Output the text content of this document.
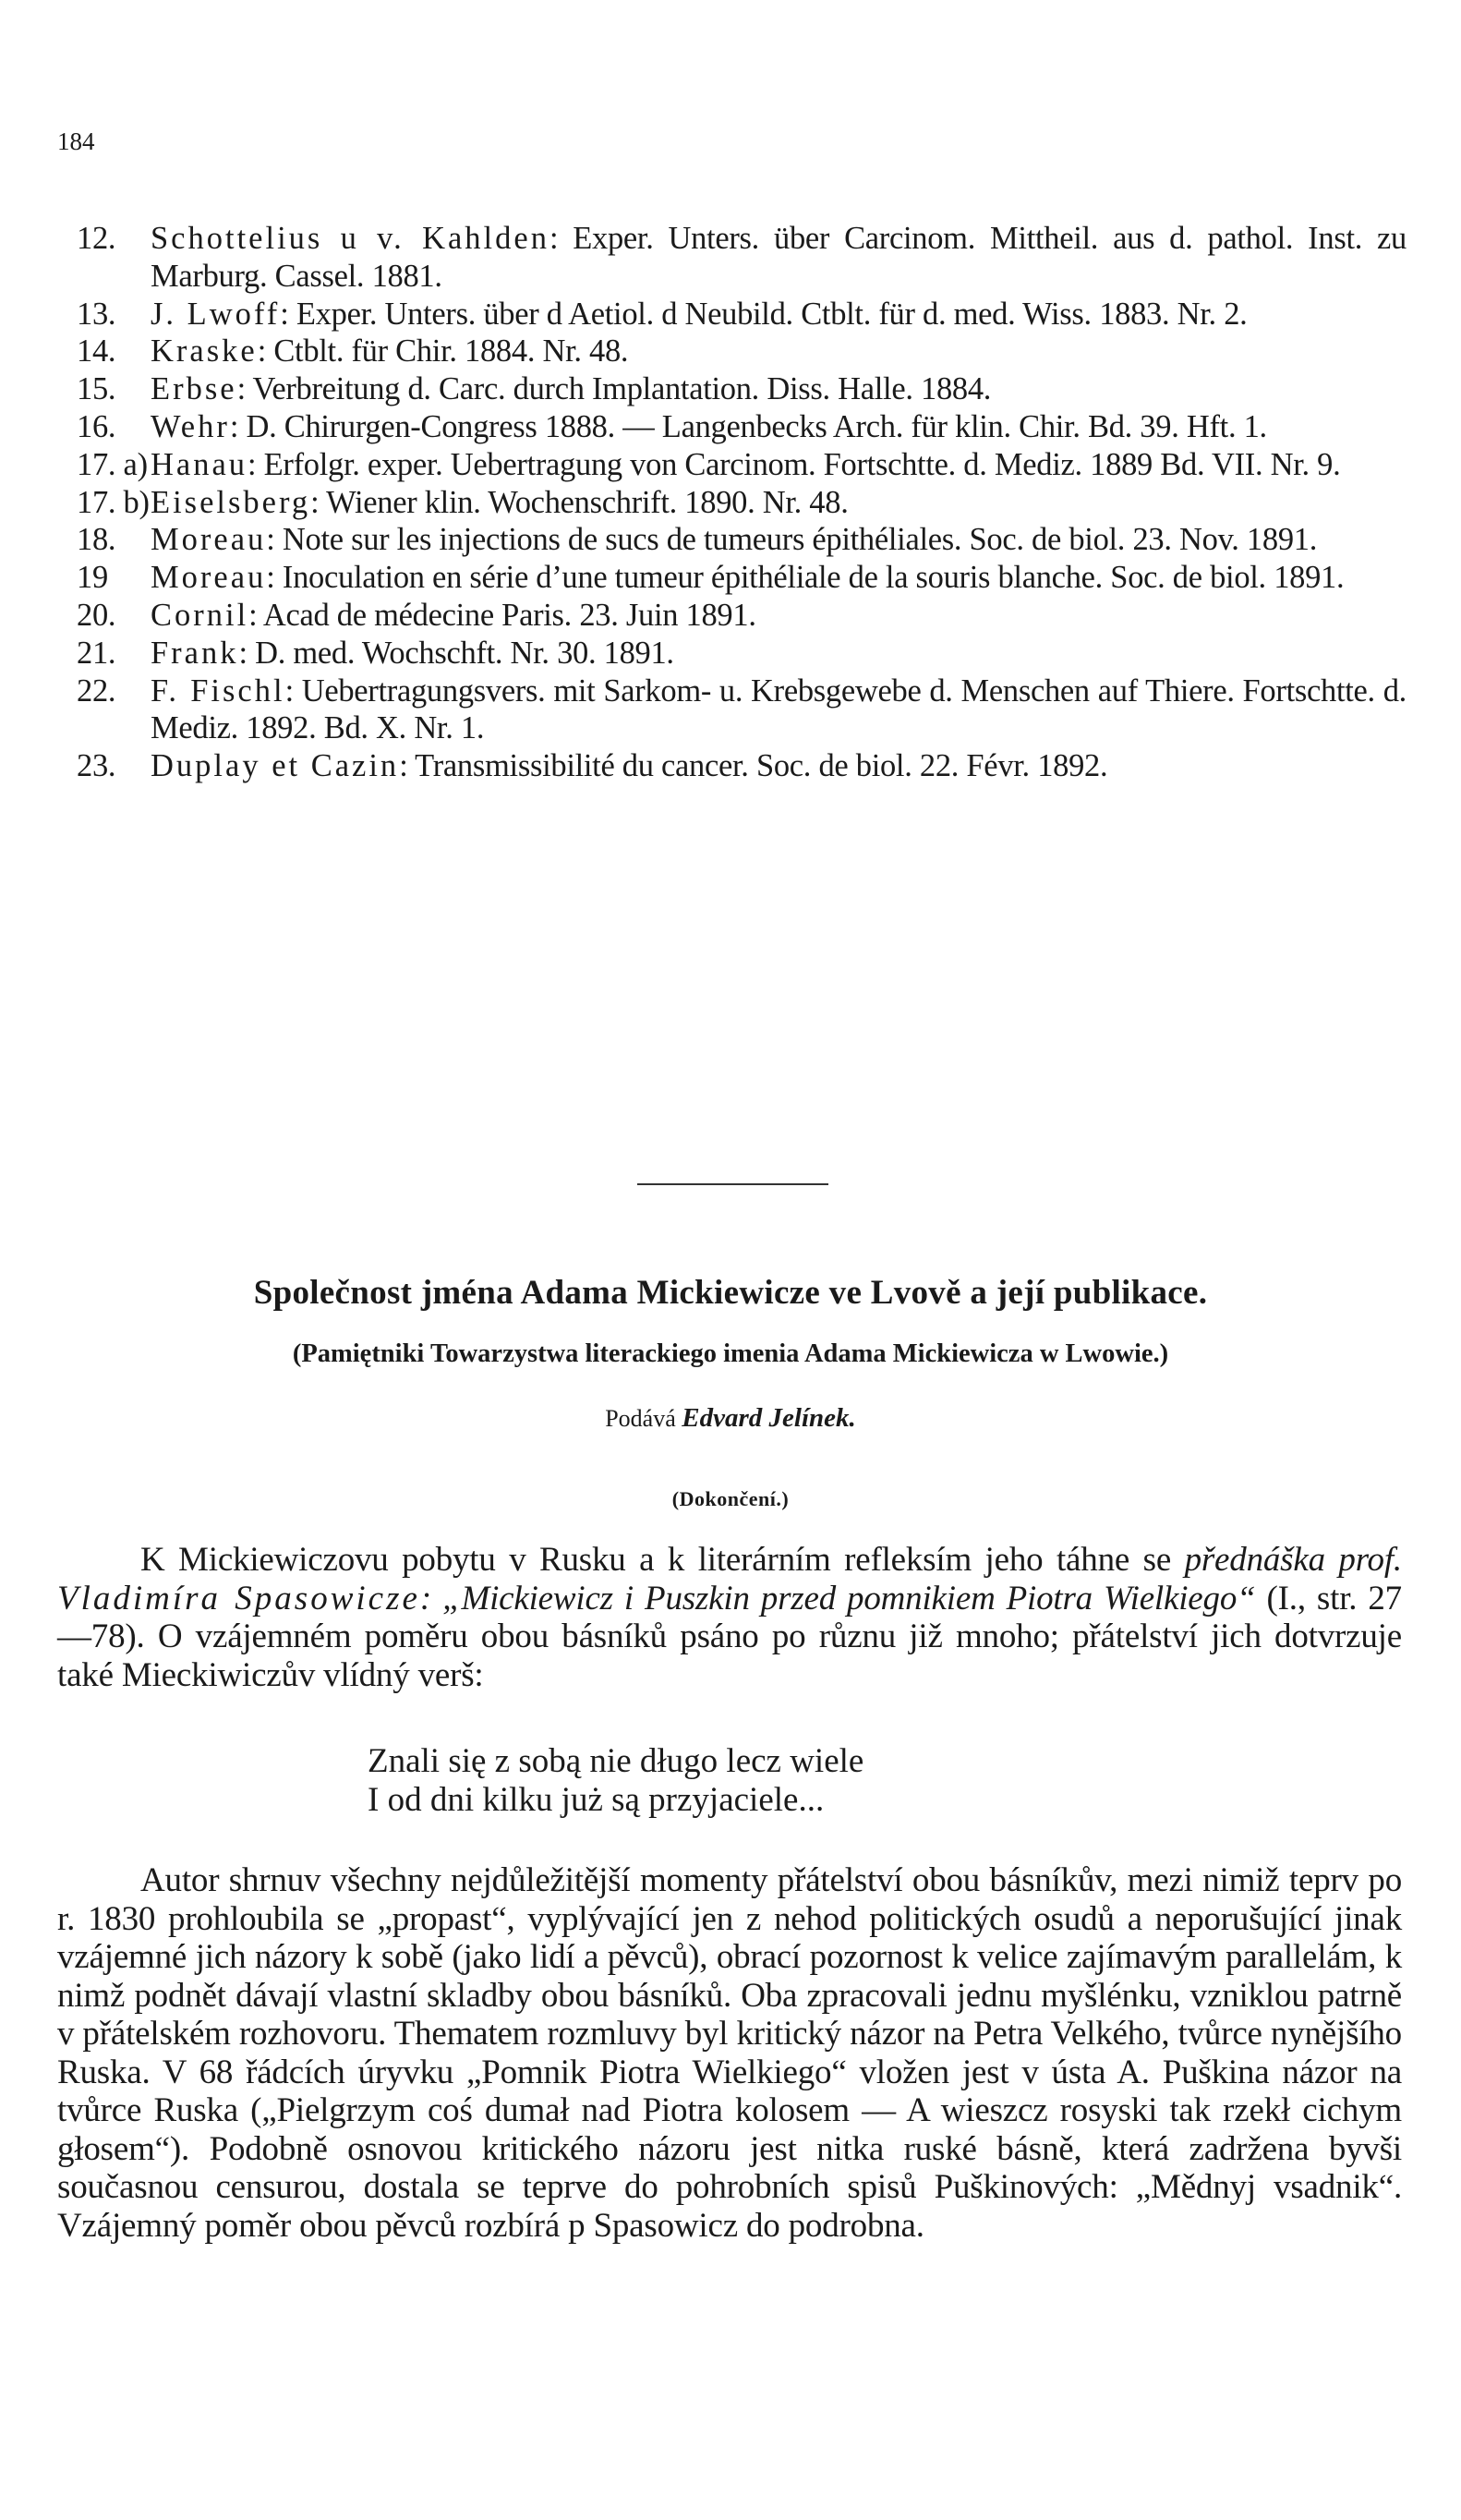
184
12.	Schottelius u v. Kahlden: Exper. Unters. über Carcinom. Mittheil. aus d. pathol. Inst. zu Marburg. Cassel. 1881.
13.	J. Lwoff: Exper. Unters. über d Aetiol. d Neubild. Ctblt. für d. med. Wiss. 1883. Nr. 2.
14.	Kraske: Ctblt. für Chir. 1884. Nr. 48.
15.	Erbse: Verbreitung d. Carc. durch Implantation. Diss. Halle. 1884.
16.	Wehr: D. Chirurgen-Congress 1888. — Langenbecks Arch. für klin. Chir. Bd. 39. Hft. 1.
17. a) Hanau: Erfolgr. exper. Uebertragung von Carcinom. Fortschtte. d. Mediz. 1889 Bd. VII. Nr. 9.
17. b) Eiselsberg: Wiener klin. Wochenschrift. 1890. Nr. 48.
18.	Moreau: Note sur les injections de sucs de tumeurs épithéliales. Soc. de biol. 23. Nov. 1891.
19	Moreau: Inoculation en série d’une tumeur épithéliale de la souris blanche. Soc. de biol. 1891.
20.	Cornil: Acad de médecine Paris. 23. Juin 1891.
21.	Frank: D. med. Wochschft. Nr. 30. 1891.
22.	F. Fischl: Uebertragungsvers. mit Sarkom- u. Krebsgewebe d. Menschen auf Thiere. Fortschtte. d. Mediz. 1892. Bd. X. Nr. 1.
23.	Duplay et Cazin: Transmissibilité du cancer. Soc. de biol. 22. Févr. 1892.
Společnost jména Adama Mickiewicze ve Lvově a její publikace.
(Pamiętniki Towarzystwa literackiego imenia Adama Mickiewicza w Lwowie.)
Podává Edvard Jelínek.
(Dokončení.)

K Mickiewiczovu pobytu v Rusku a k literárním refleksím jeho táhne se přednáška prof. Vladimíra Spasowicze: „Mickiewicz i Puszkin przed pomnikiem Piotra Wielkiego“ (I., str. 27—78). O vzájemném poměru obou básníků psáno po různu již mnoho; přátelství jich dotvrzuje také Mieckiwiczův vlídný verš:

Znali się z sobą nie długo lecz wiele
I od dni kilku już są przyjaciele...

Autor shrnuv všechny nejdůležitější momenty přátelství obou básníkův, mezi nimiž teprv po r. 1830 prohloubila se „propast“, vyplývající jen z nehod politických osudů a neporušující jinak vzájemné jich názory k sobě (jako lidí a pěvců), obrací pozornost k velice zajímavým parallelám, k nimž podnět dávají vlastní skladby obou básníků. Oba zpracovali jednu myšlénku, vzniklou patrně v přátelském rozhovoru. Thematem rozmluvy byl kritický názor na Petra Velkého, tvůrce nynějšího Ruska. V 68 řádcích úryvku „Pomnik Piotra Wielkiego“ vložen jest v ústa A. Puškina názor na tvůrce Ruska („Pielgrzym coś dumał nad Piotra kolosem — A wieszcz rosyski tak rzekł cichym głosem“). Podobně osnovou kritického názoru jest nitka ruské básně, která zadržena byvši současnou censurou, dostala se teprve do pohrobních spisů Puškinových: „Mědnyj vsadnik“. Vzájemný poměr obou pěvců rozbírá p Spasowicz do podrobna.
